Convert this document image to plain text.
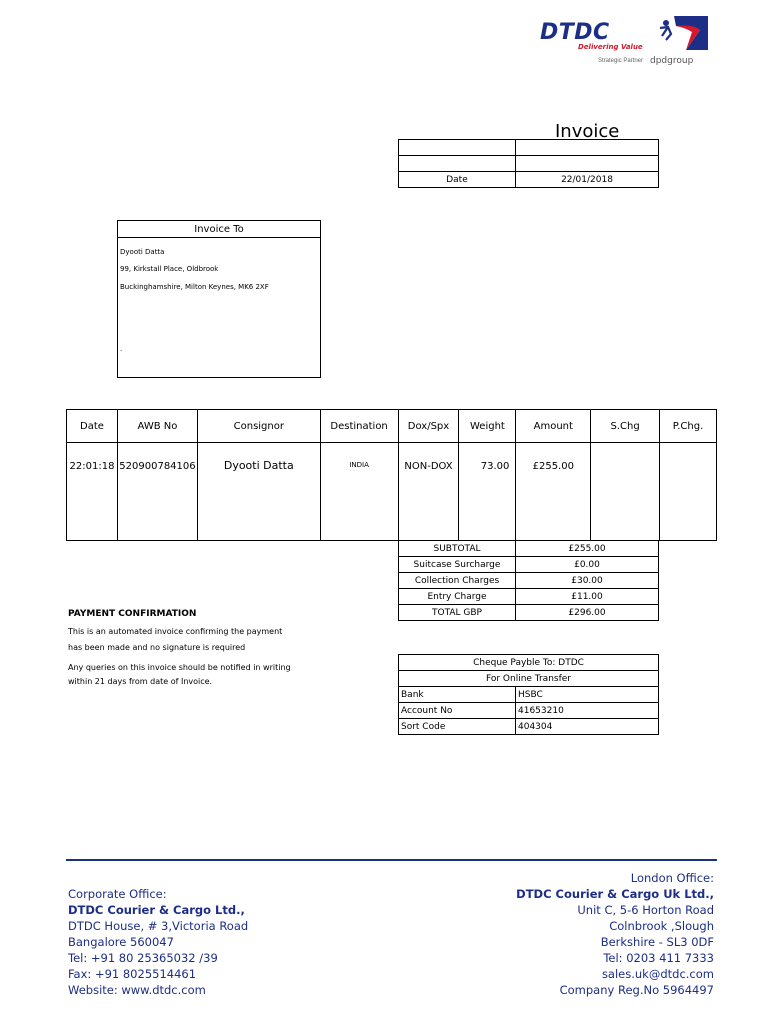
DTDC
Delivering Value
Strategic Partner dpdgroup
Invoice

Date	22/01/2018
Invoice To
Dyooti Datta
99, Kirkstall Place, Oldbrook
Buckinghamshire, Milton Keynes, MK6 2XF
.
Date	AWB No	Consignor	Destination	Dox/Spx	Weight	Amount	S.Chg	P.Chg.
22:01:18	520900784106	Dyooti Datta	INDIA	NON-DOX	73.00	£255.00		
SUBTOTAL	£255.00
Suitcase Surcharge	£0.00
Collection Charges	£30.00
Entry Charge	£11.00
TOTAL GBP	£296.00
PAYMENT CONFIRMATION
This is an automated invoice confirming the payment
has been made and no signature is required
Any queries on this invoice should be notified in writing
within 21 days from date of Invoice.
Cheque Payble To: DTDC	
For Online Transfer	
Bank	HSBC
Account No	41653210
Sort Code	404304
Corporate Office:
DTDC Courier & Cargo Ltd.,
DTDC House, # 3,Victoria Road
Bangalore 560047
Tel: +91 80 25365032 /39
Fax: +91 8025514461
Website: www.dtdc.com
London Office:
DTDC Courier & Cargo Uk Ltd.,
Unit C, 5-6 Horton Road
Colnbrook ,Slough
Berkshire - SL3 0DF
Tel: 0203 411 7333
sales.uk@dtdc.com
Company Reg.No 5964497
